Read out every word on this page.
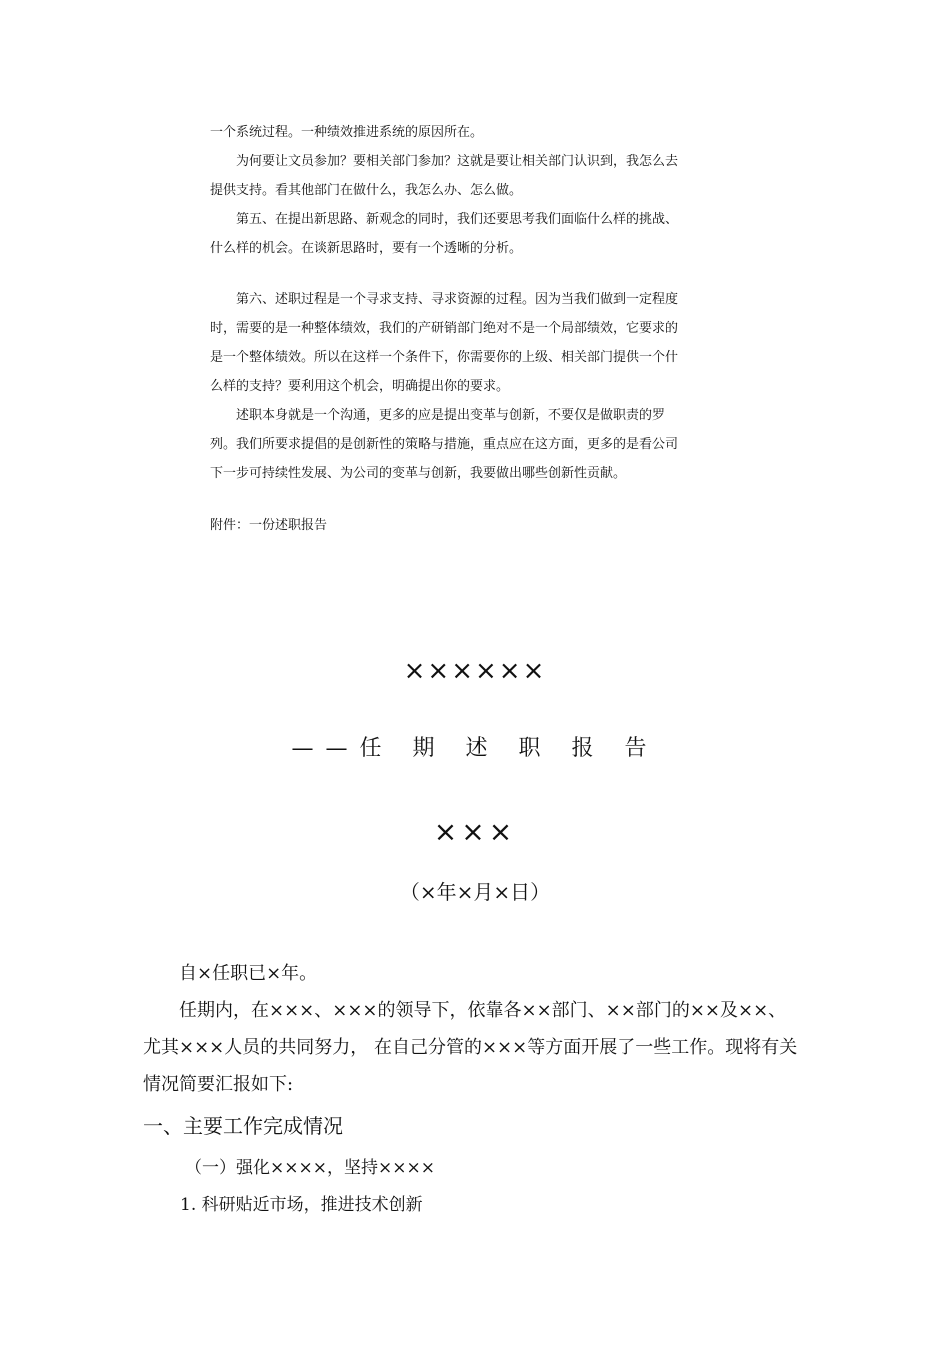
一个系统过程。一种绩效推进系统的原因所在。

为何要让文员参加？要相关部门参加？这就是要让相关部门认识到，我怎么去提供支持。看其他部门在做什么，我怎么办、怎么做。

第五、在提出新思路、新观念的同时，我们还要思考我们面临什么样的挑战、什么样的机会。在谈新思路时，要有一个透晰的分析。

第六、述职过程是一个寻求支持、寻求资源的过程。因为当我们做到一定程度时，需要的是一种整体绩效，我们的产研销部门绝对不是一个局部绩效，它要求的是一个整体绩效。所以在这样一个条件下，你需要你的上级、相关部门提供一个什么样的支持？要利用这个机会，明确提出你的要求。

述职本身就是一个沟通，更多的应是提出变革与创新，不要仅是做职责的罗列。我们所要求提倡的是创新性的策略与措施，重点应在这方面，更多的是看公司下一步可持续性发展、为公司的变革与创新，我要做出哪些创新性贡献。

附件：一份述职报告

××××××

——任 期 述 职 报 告

×××

（×年×月×日）

自×任职已×年。

任期内，在×××、×××的领导下，依靠各××部门、××部门的××及××、尤其×××人员的共同努力， 在自己分管的×××等方面开展了一些工作。现将有关情况简要汇报如下:

一、主要工作完成情况

（一）强化××××，坚持××××

1. 科研贴近市场，推进技术创新
